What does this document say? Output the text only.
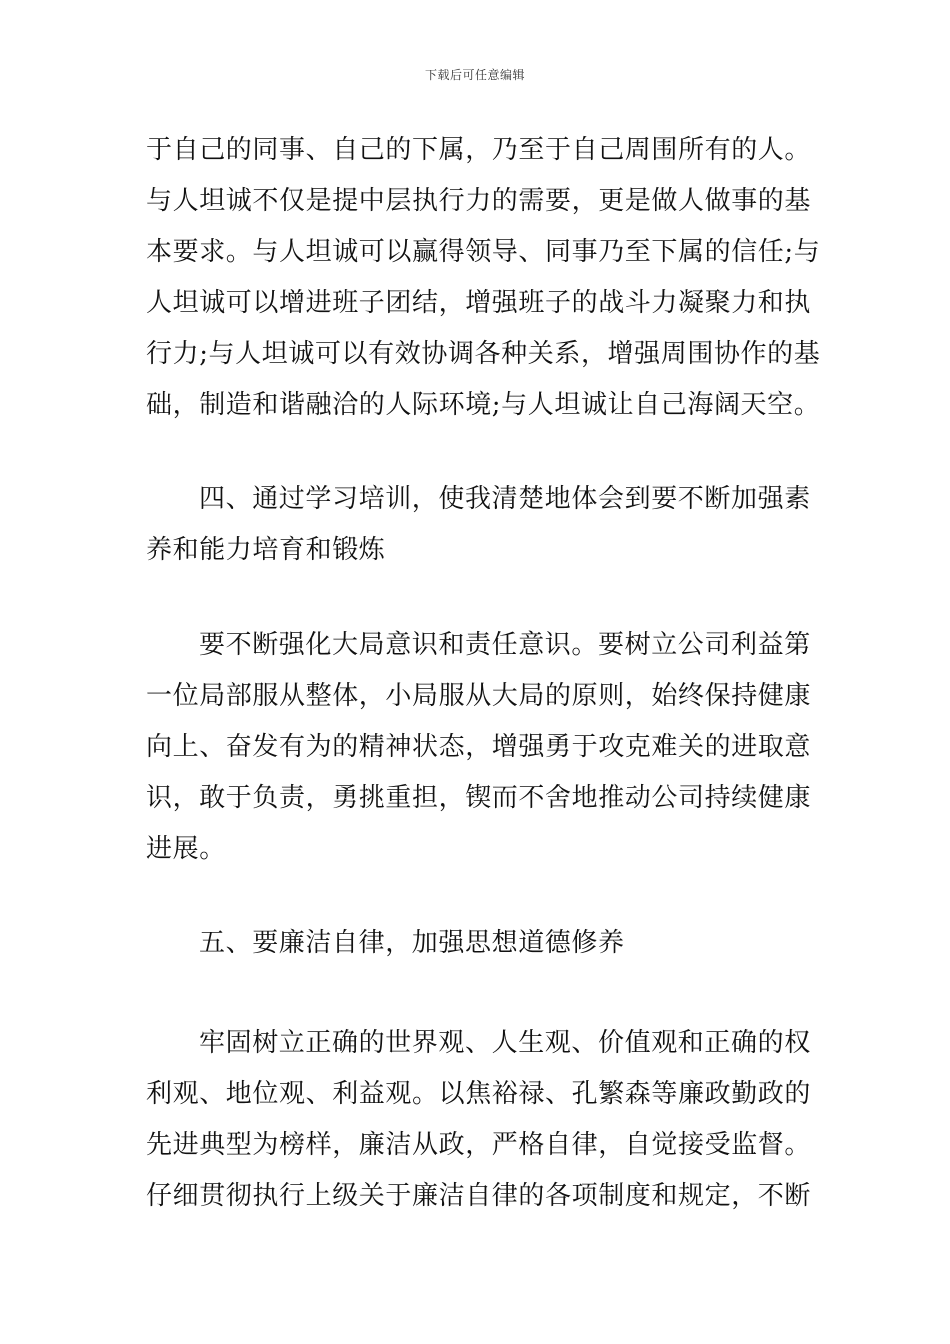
下载后可任意编辑
于自己的同事、自己的下属，乃至于自己周围所有的人。
与人坦诚不仅是提中层执行力的需要，更是做人做事的基
本要求。与人坦诚可以赢得领导、同事乃至下属的信任;与
人坦诚可以增进班子团结，增强班子的战斗力凝聚力和执
行力;与人坦诚可以有效协调各种关系，增强周围协作的基
础，制造和谐融洽的人际环境;与人坦诚让自己海阔天空。
四、通过学习培训，使我清楚地体会到要不断加强素
养和能力培育和锻炼
要不断强化大局意识和责任意识。要树立公司利益第
一位局部服从整体，小局服从大局的原则，始终保持健康
向上、奋发有为的精神状态，增强勇于攻克难关的进取意
识，敢于负责，勇挑重担，锲而不舍地推动公司持续健康
进展。
五、要廉洁自律，加强思想道德修养
牢固树立正确的世界观、人生观、价值观和正确的权
利观、地位观、利益观。以焦裕禄、孔繁森等廉政勤政的
先进典型为榜样，廉洁从政，严格自律，自觉接受监督。
仔细贯彻执行上级关于廉洁自律的各项制度和规定，不断
